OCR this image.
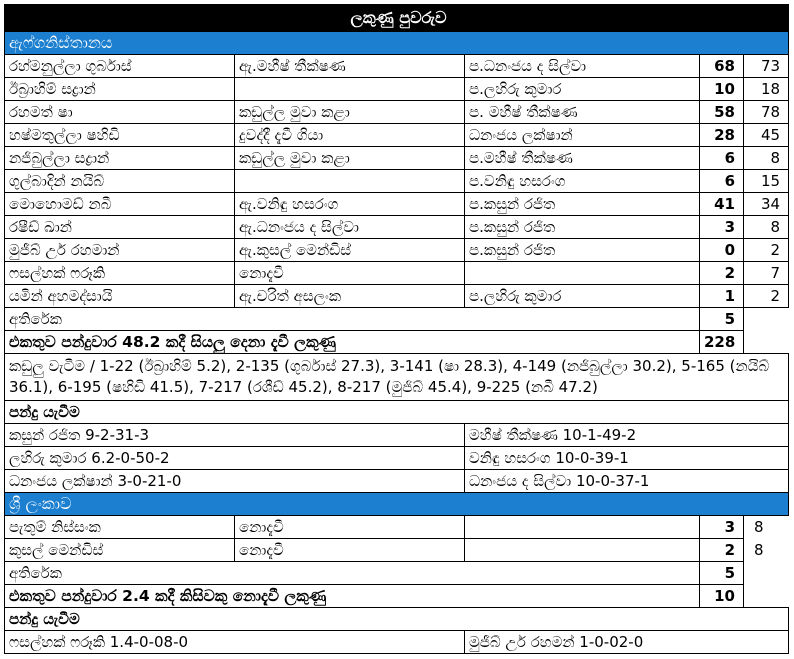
ලකුණු පුවරුව				
ඇෆ්ගනිස්තානය				
රහ්මනුල්ලා ගුර්බාස්	ඇ.මහීෂ් තීක්ෂණ	ප.ධනංජය ද සිල්වා	68	73
ඊබ්‍රාහිම් සද්‍රාන්		ප.ලහිරු කුමාර	10	18
රහමත් ෂා	කඩුල්ල මුවා කළා	ප. මහීෂ් තීක්ෂණ	58	78
හෂ්මතුල්ලා ෂහිඩි	දුවද්දී දැවී ගියා	ධනංජය ලක්ෂාන්	28	45
නජිබුල්ලා සද්‍රාන්	කඩුල්ල මුවා කළා	ප.මහීෂ් තීක්ෂණ	6	8
ගුල්බාදින් නයිබ්		ප.වනිඳු හසරංග	6	15
මොහොමඩ් නබී	ඇ.වනිඳු හසරංග	ප.කසුන් රජිත	41	34
රෂීඩ් ඛාන්	ඇ.ධනංජය ද සිල්වා	ප.කසුන් රජිත	3	8
මුජීබ් උර් රහමාන්	ඇ.කුසල් මෙන්ඩිස්	ප.කසුන් රජිත	0	2
ෆසල්හක් ෆරූකි	නොදැවී		2	7
යමින් අහමද්සායි	ඇ.චරිත් අසලංක	ප.ලහිරු කුමාර	1	2
අතිරේක			5	
එකතුව පන්දුවාර 48.2 කදී සියලු දෙනා දැවී ලකුණු			228	
කඩුලු වැටීම / 1-22 (ඊබ්‍රාහිම් 5.2), 2-135 (ගුර්බාස් 27.3), 3-141 (ෂා 28.3), 4-149 (නජිබුල්ලා 30.2), 5-165 (නයිබ් 36.1), 6-195 (ෂහිඩි 41.5), 7-217 (රශීඩ් 45.2), 8-217 (මුජිබ් 45.4), 9-225 (නබී 47.2)				
පන්දු යැවීම				
කසුන් රජිත 9-2-31-3		මහීෂ් තීක්ෂණ 10-1-49-2		
ලහිරු කුමාර 6.2-0-50-2		වනිඳු හසරංග 10-0-39-1		
ධනංජය ලක්ෂාන් 3-0-21-0		ධනංජය ද සිල්වා 10-0-37-1		
ශ්‍රී ලංකාව				
පැතුම් නිස්සංක	නොදැවී		3	8
කුසල් මෙන්ඩිස්	නොදැවී		2	8
අතිරේක			5	
එකතුව පන්දුවාර 2.4 කදී කිසිවකු නොදැවී ලකුණු			10	
පන්දු යැවීම				
ෆසල්හක් ෆරූකි 1.4-0-08-0		මුජීබ් උර් රහමන් 1-0-02-0		
